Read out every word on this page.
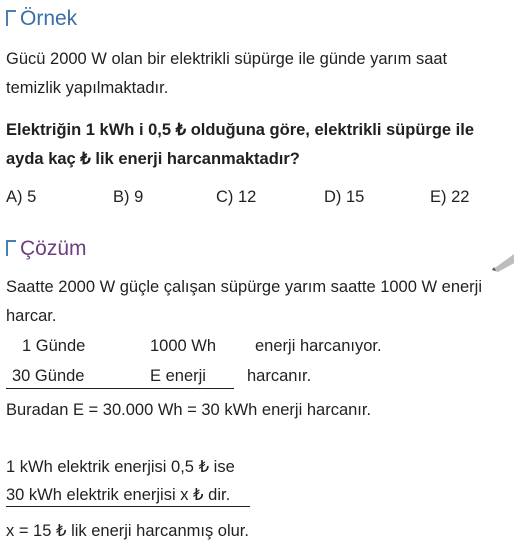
Örnek
Gücü 2000 W olan bir elektrikli süpürge ile günde yarım saat
temizlik yapılmaktadır.
Elektriğin 1 kWh i 0,5 ₺ olduğuna göre, elektrikli süpürge ile
ayda kaç ₺ lik enerji harcanmaktadır?
A) 5	B) 9	C) 12	D) 15	E) 22
Çözüm
Saatte 2000 W güçle çalışan süpürge yarım saatte 1000 W enerji
harcar.
1 Günde	1000 Wh enerji harcanıyor.
30 Günde	E enerji harcanır.
Buradan E = 30.000 Wh = 30 kWh enerji harcanır.
1 kWh elektrik enerjisi 0,5 ₺ ise
30 kWh elektrik enerjisi x ₺ dir.
x = 15 ₺ lik enerji harcanmış olur.
